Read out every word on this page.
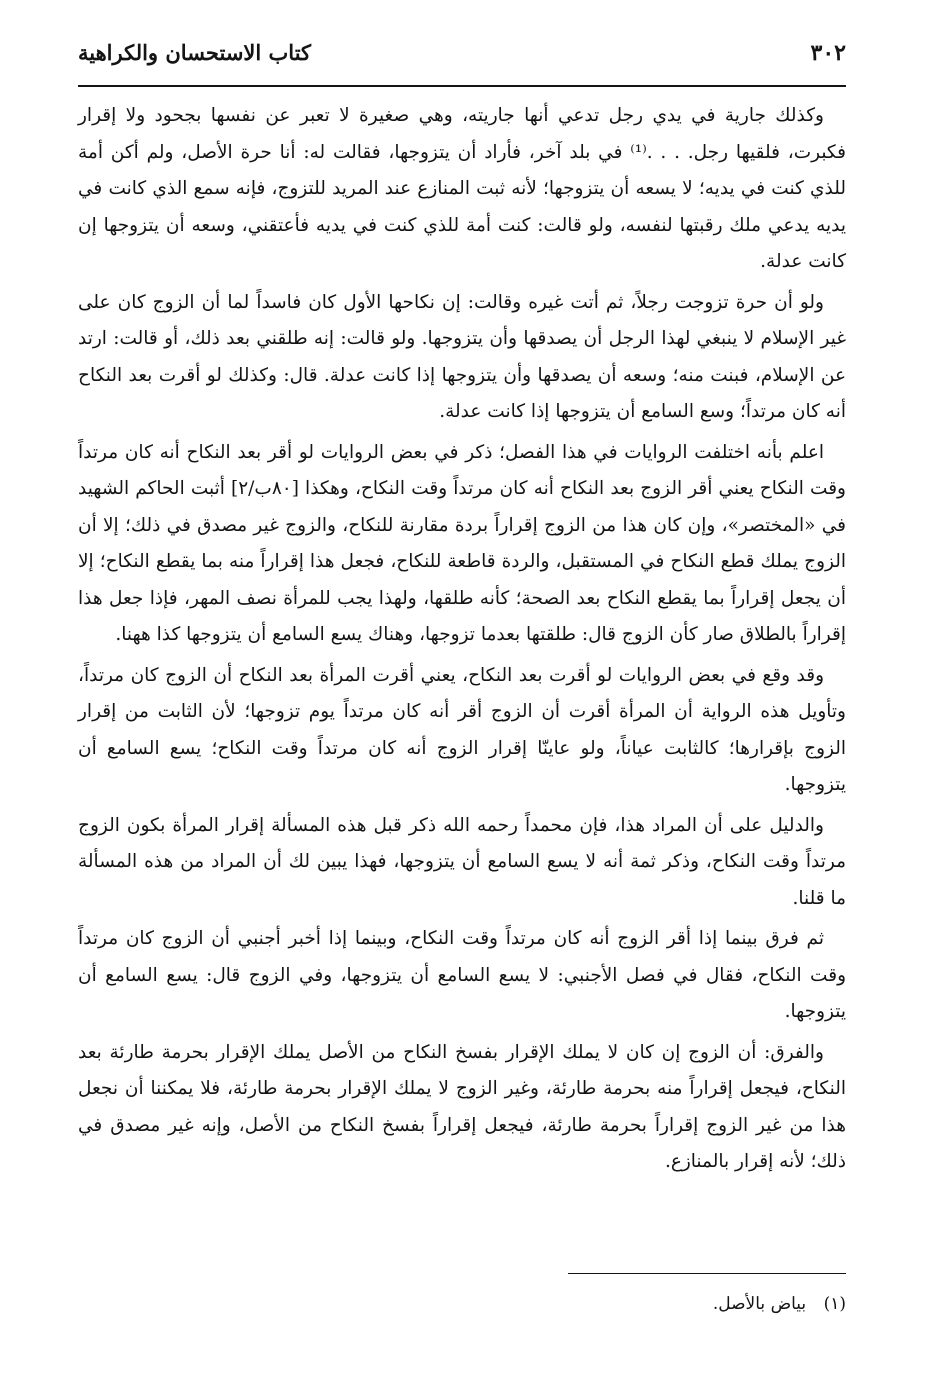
٣٠٢
كتاب الاستحسان والكراهية

وكذلك جارية في يدي رجل تدعي أنها جاريته، وهي صغيرة لا تعبر عن نفسها بجحود ولا إقرار فكبرت، فلقيها رجل. . . .⁽¹⁾ في بلد آخر، فأراد أن يتزوجها، فقالت له: أنا حرة الأصل، ولم أكن أمة للذي كنت في يديه؛ لا يسعه أن يتزوجها؛ لأنه ثبت المنازع عند المريد للتزوج، فإنه سمع الذي كانت في يديه يدعي ملك رقبتها لنفسه، ولو قالت: كنت أمة للذي كنت في يديه فأعتقني، وسعه أن يتزوجها إن كانت عدلة.

ولو أن حرة تزوجت رجلاً، ثم أتت غيره وقالت: إن نكاحها الأول كان فاسداً لما أن الزوج كان على غير الإسلام لا ينبغي لهذا الرجل أن يصدقها وأن يتزوجها. ولو قالت: إنه طلقني بعد ذلك، أو قالت: ارتد عن الإسلام، فبنت منه؛ وسعه أن يصدقها وأن يتزوجها إذا كانت عدلة. قال: وكذلك لو أقرت بعد النكاح أنه كان مرتداً؛ وسع السامع أن يتزوجها إذا كانت عدلة.

اعلم بأنه اختلفت الروايات في هذا الفصل؛ ذكر في بعض الروايات لو أقر بعد النكاح أنه كان مرتداً وقت النكاح يعني أقر الزوج بعد النكاح أنه كان مرتداً وقت النكاح، وهكذا [٨٠ب/٢] أثبت الحاكم الشهيد في «المختصر»، وإن كان هذا من الزوج إقراراً بردة مقارنة للنكاح، والزوج غير مصدق في ذلك؛ إلا أن الزوج يملك قطع النكاح في المستقبل، والردة قاطعة للنكاح، فجعل هذا إقراراً منه بما يقطع النكاح؛ إلا أن يجعل إقراراً بما يقطع النكاح بعد الصحة؛ كأنه طلقها، ولهذا يجب للمرأة نصف المهر، فإذا جعل هذا إقراراً بالطلاق صار كأن الزوج قال: طلقتها بعدما تزوجها، وهناك يسع السامع أن يتزوجها كذا ههنا.

وقد وقع في بعض الروايات لو أقرت بعد النكاح، يعني أقرت المرأة بعد النكاح أن الزوج كان مرتداً، وتأويل هذه الرواية أن المرأة أقرت أن الزوج أقر أنه كان مرتداً يوم تزوجها؛ لأن الثابت من إقرار الزوج بإقرارها؛ كالثابت عياناً، ولو عاينّا إقرار الزوج أنه كان مرتداً وقت النكاح؛ يسع السامع أن يتزوجها.

والدليل على أن المراد هذا، فإن محمداً رحمه الله ذكر قبل هذه المسألة إقرار المرأة بكون الزوج مرتداً وقت النكاح، وذكر ثمة أنه لا يسع السامع أن يتزوجها، فهذا يبين لك أن المراد من هذه المسألة ما قلنا.

ثم فرق بينما إذا أقر الزوج أنه كان مرتداً وقت النكاح، وبينما إذا أخبر أجنبي أن الزوج كان مرتداً وقت النكاح، فقال في فصل الأجنبي: لا يسع السامع أن يتزوجها، وفي الزوج قال: يسع السامع أن يتزوجها.

والفرق: أن الزوج إن كان لا يملك الإقرار بفسخ النكاح من الأصل يملك الإقرار بحرمة طارئة بعد النكاح، فيجعل إقراراً منه بحرمة طارئة، وغير الزوج لا يملك الإقرار بحرمة طارئة، فلا يمكننا أن نجعل هذا من غير الزوج إقراراً بحرمة طارئة، فيجعل إقراراً بفسخ النكاح من الأصل، وإنه غير مصدق في ذلك؛ لأنه إقرار بالمنازع.

(١) بياض بالأصل.
